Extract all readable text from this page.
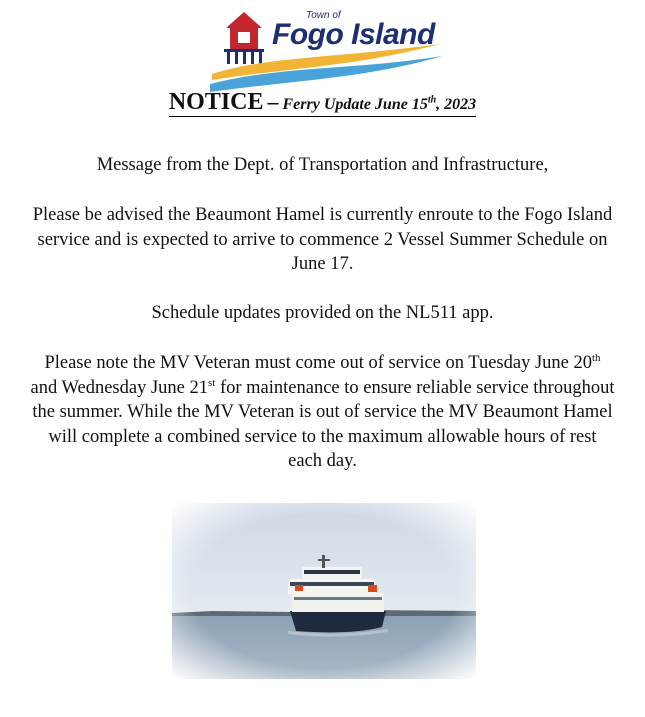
Town of
Fogo Island
NOTICE – Ferry Update June 15th, 2023

Message from the Dept. of Transportation and Infrastructure,

Please be advised the Beaumont Hamel is currently enroute to the Fogo Island service and is expected to arrive to commence 2 Vessel Summer Schedule on June 17.

Schedule updates provided on the NL511 app.

Please note the MV Veteran must come out of service on Tuesday June 20th and Wednesday June 21st for maintenance to ensure reliable service throughout the summer. While the MV Veteran is out of service the MV Beaumont Hamel will complete a combined service to the maximum allowable hours of rest each day.
